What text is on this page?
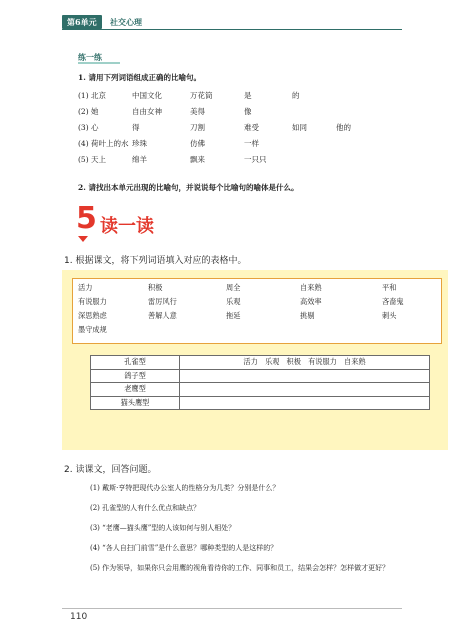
第6单元	社交心理
练一练
1. 请用下列词语组成正确的比喻句。
(1) 北京	中国文化	万花筒	是	的
(2) 她	自由女神	美得	像
(3) 心	得	刀割	难受	如同	他的
(4) 荷叶上的水 珍珠	仿佛	一样
(5) 天上	绵羊	飘来	一只只
2. 请找出本单元出现的比喻句，并说说每个比喻句的喻体是什么。
5 读一读
1. 根据课文，将下列词语填入对应的表格中。
活力	积极	周全	自来熟	平和
有说服力	雷厉风行	乐观	高效率	吝啬鬼
深思熟虑	善解人意	拖延	挑剔	刺头
墨守成规
孔雀型	活力　乐观　积极　有说服力　自来熟
鸽子型	
老鹰型	
猫头鹰型	
2. 读课文，回答问题。
(1) 戴斯·亨特把现代办公室人的性格分为几类？分别是什么？
(2) 孔雀型的人有什么优点和缺点？
(3) “老鹰—猫头鹰”型的人该如何与别人相处？
(4) “各人自扫门前雪”是什么意思？哪种类型的人是这样的？
(5) 作为领导，如果你只会用鹰的视角看待你的工作、同事和员工，结果会怎样？怎样做才更好？
110
